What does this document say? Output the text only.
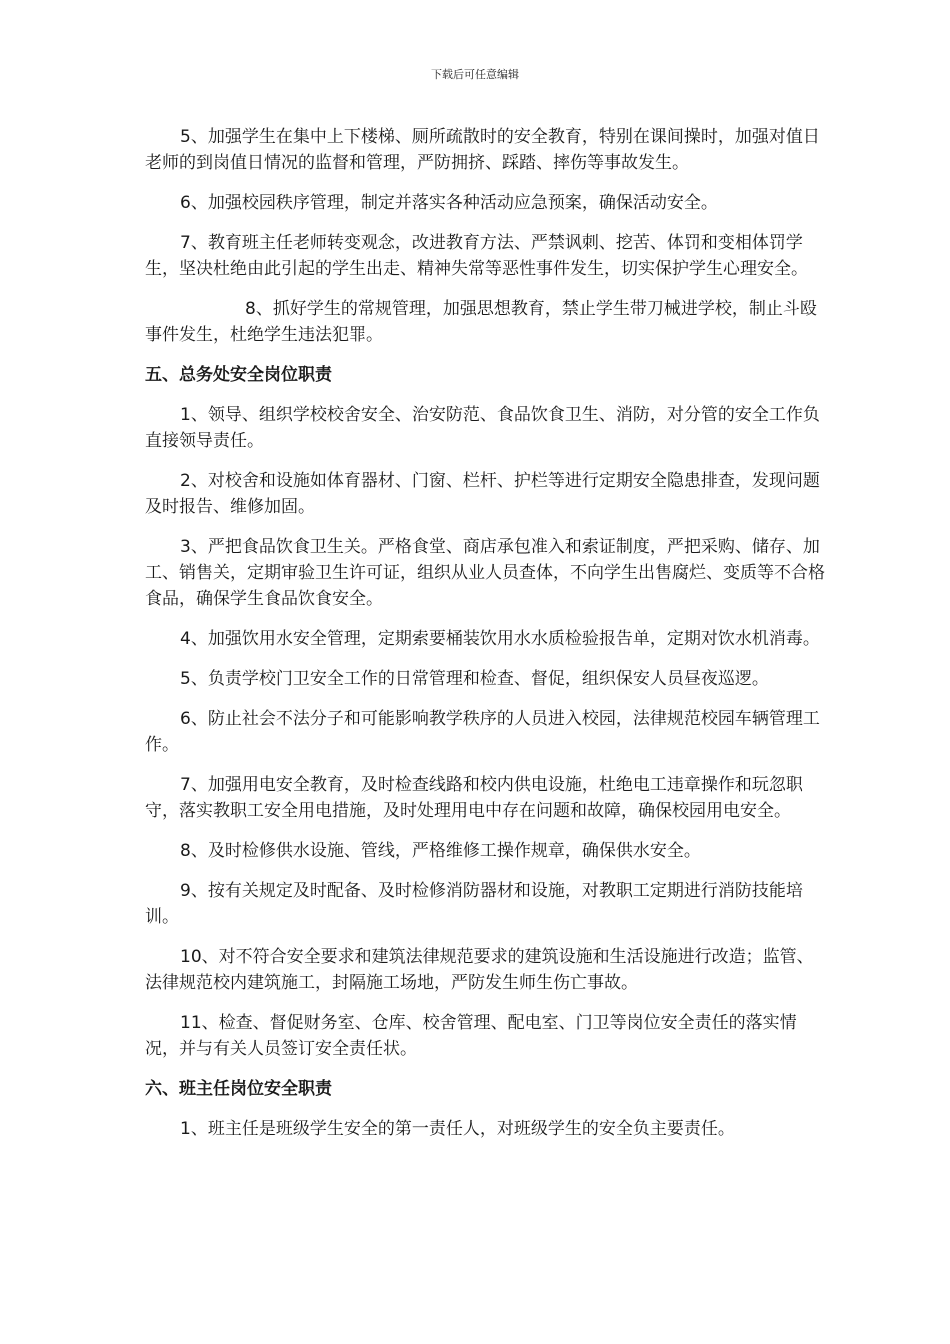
下载后可任意编辑

5、加强学生在集中上下楼梯、厕所疏散时的安全教育，特别在课间操时，加强对值日老师的到岗值日情况的监督和管理，严防拥挤、踩踏、摔伤等事故发生。

6、加强校园秩序管理，制定并落实各种活动应急预案，确保活动安全。

7、教育班主任老师转变观念，改进教育方法、严禁讽刺、挖苦、体罚和变相体罚学生，坚决杜绝由此引起的学生出走、精神失常等恶性事件发生，切实保护学生心理安全。

8、抓好学生的常规管理，加强思想教育，禁止学生带刀械进学校，制止斗殴事件发生，杜绝学生违法犯罪。

五、总务处安全岗位职责

1、领导、组织学校校舍安全、治安防范、食品饮食卫生、消防，对分管的安全工作负直接领导责任。

2、对校舍和设施如体育器材、门窗、栏杆、护栏等进行定期安全隐患排查，发现问题及时报告、维修加固。

3、严把食品饮食卫生关。严格食堂、商店承包准入和索证制度，严把采购、储存、加工、销售关，定期审验卫生许可证，组织从业人员查体，不向学生出售腐烂、变质等不合格食品，确保学生食品饮食安全。

4、加强饮用水安全管理，定期索要桶装饮用水水质检验报告单，定期对饮水机消毒。

5、负责学校门卫安全工作的日常管理和检查、督促，组织保安人员昼夜巡逻。

6、防止社会不法分子和可能影响教学秩序的人员进入校园，法律规范校园车辆管理工作。

7、加强用电安全教育，及时检查线路和校内供电设施，杜绝电工违章操作和玩忽职守，落实教职工安全用电措施，及时处理用电中存在问题和故障，确保校园用电安全。

8、及时检修供水设施、管线，严格维修工操作规章，确保供水安全。

9、按有关规定及时配备、及时检修消防器材和设施，对教职工定期进行消防技能培训。

10、对不符合安全要求和建筑法律规范要求的建筑设施和生活设施进行改造；监管、法律规范校内建筑施工，封隔施工场地，严防发生师生伤亡事故。

11、检查、督促财务室、仓库、校舍管理、配电室、门卫等岗位安全责任的落实情况，并与有关人员签订安全责任状。

六、班主任岗位安全职责

1、班主任是班级学生安全的第一责任人，对班级学生的安全负主要责任。
